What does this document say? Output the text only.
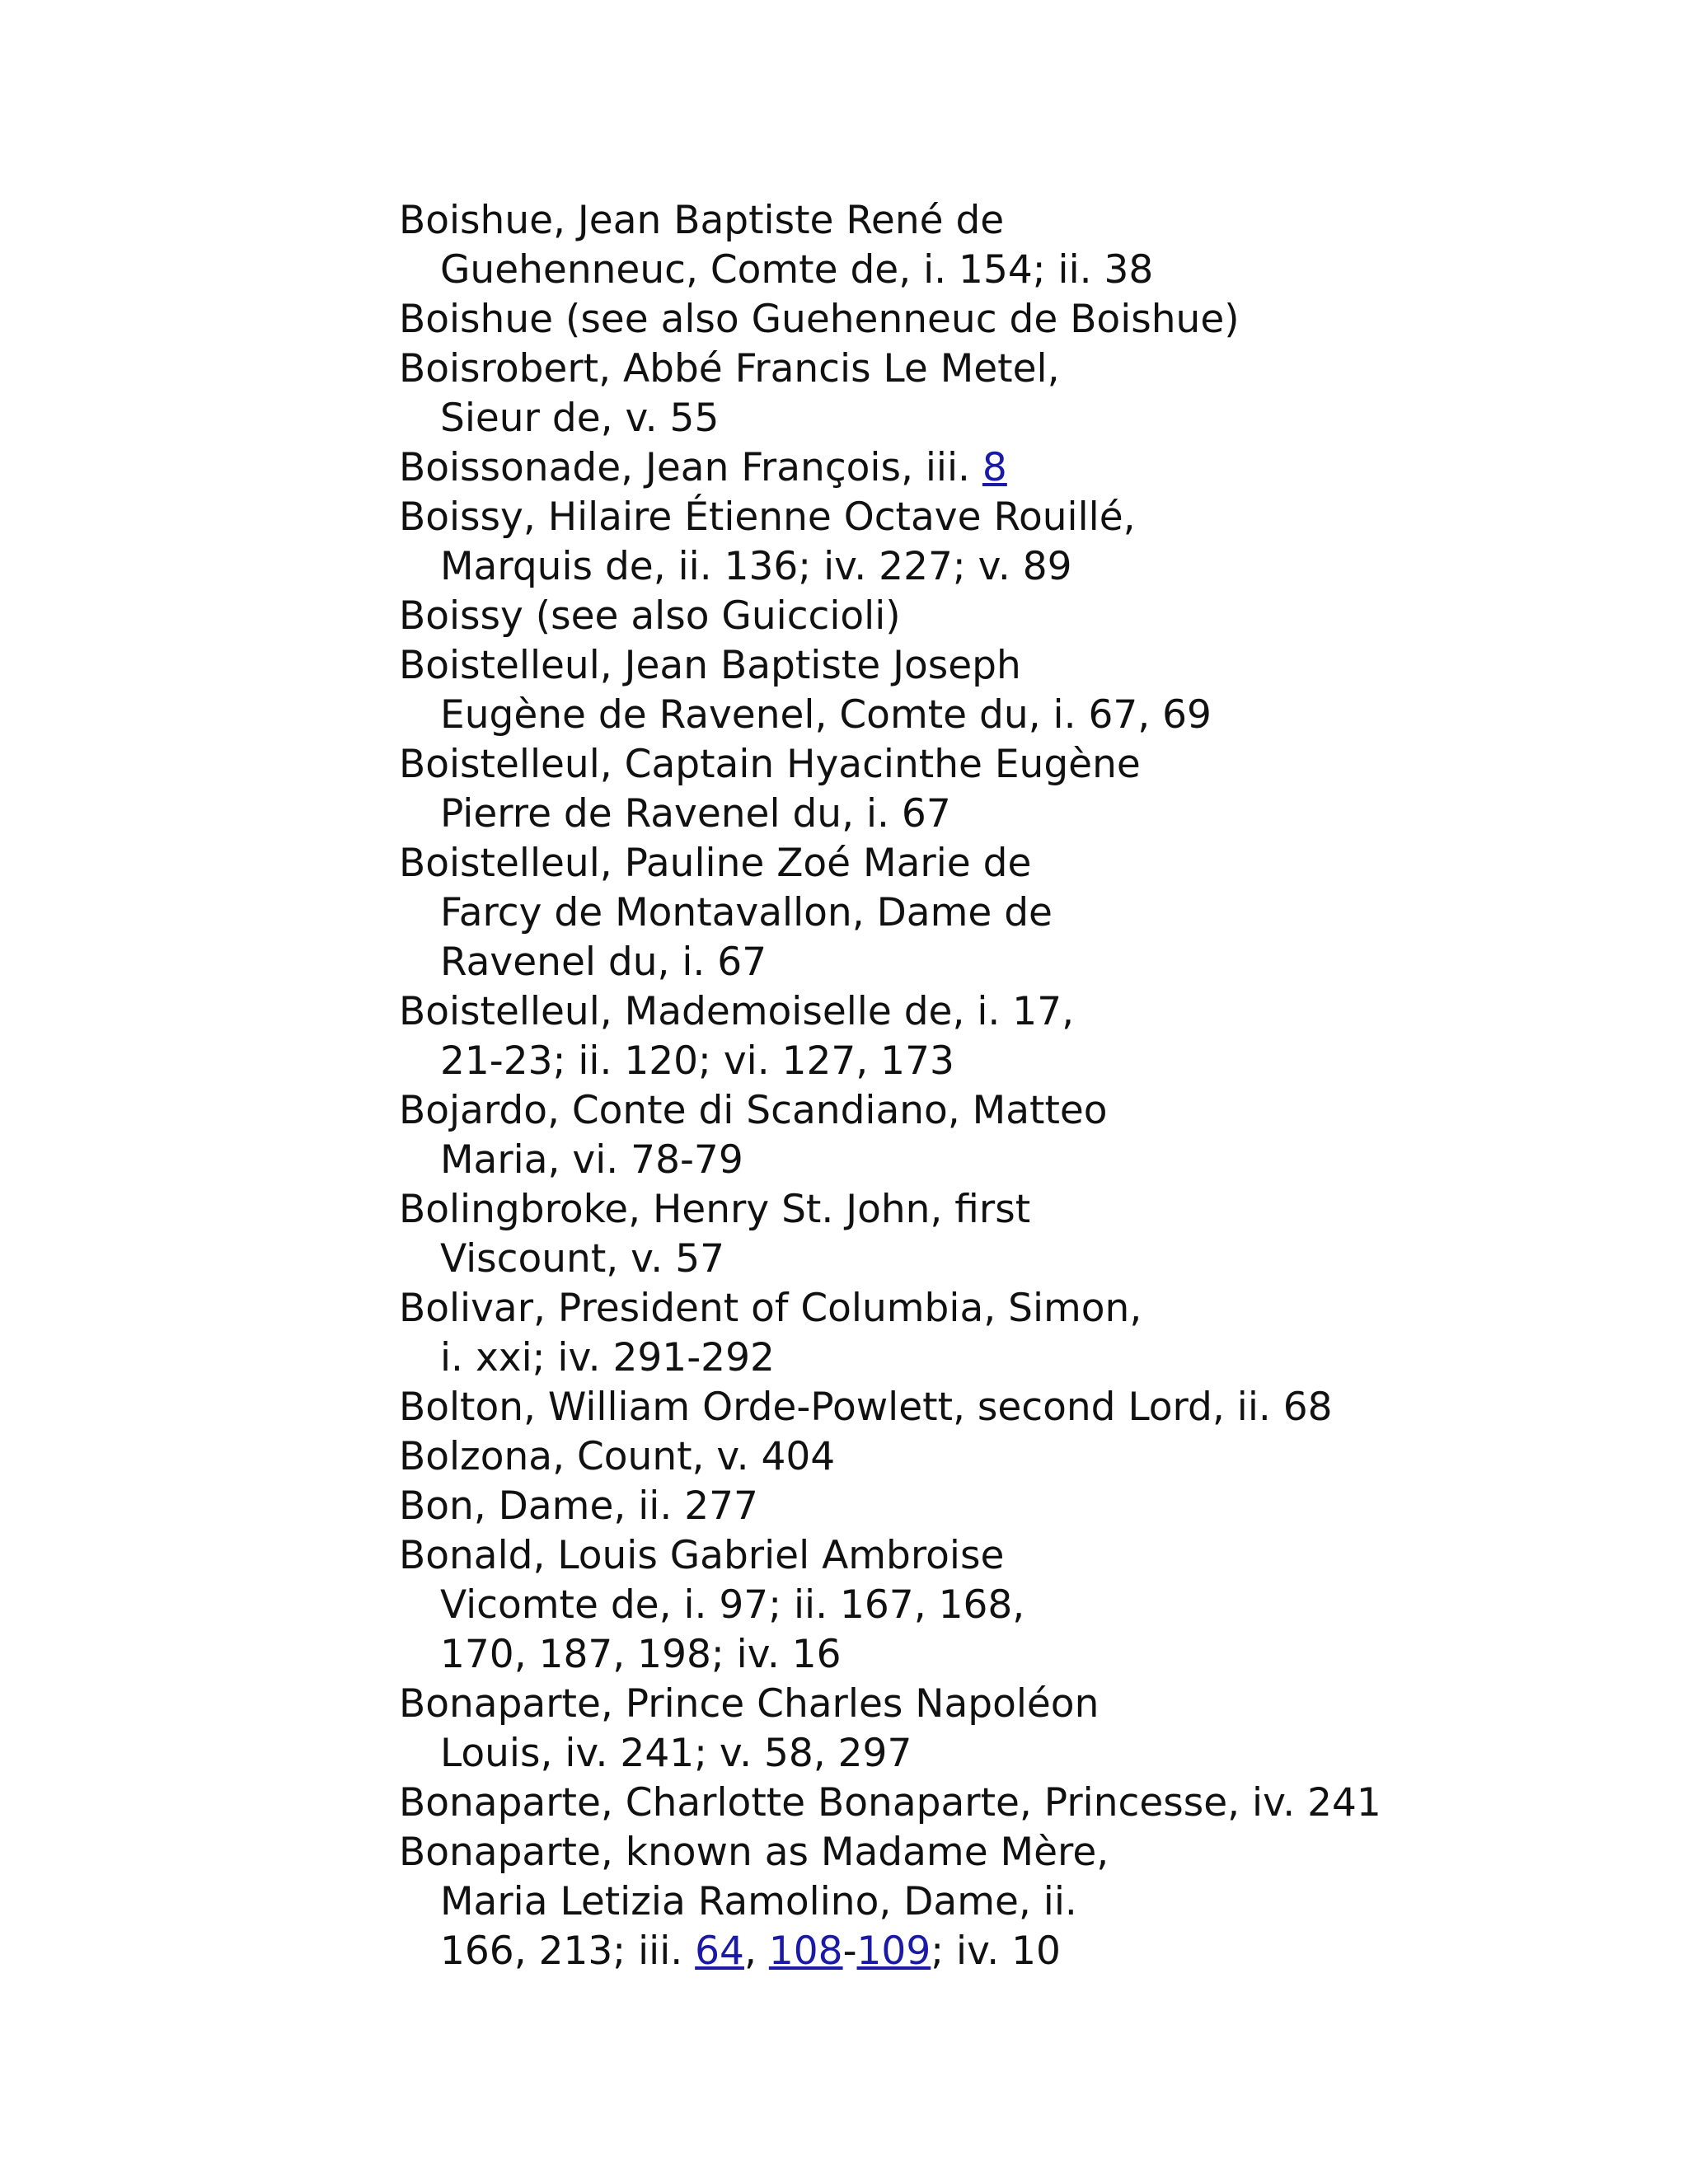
Boishue, Jean Baptiste René de
Guehenneuc, Comte de, i. 154; ii. 38
Boishue (see also Guehenneuc de Boishue)
Boisrobert, Abbé Francis Le Metel,
Sieur de, v. 55
Boissonade, Jean François, iii. 8
Boissy, Hilaire Étienne Octave Rouillé,
Marquis de, ii. 136; iv. 227; v. 89
Boissy (see also Guiccioli)
Boistelleul, Jean Baptiste Joseph
Eugène de Ravenel, Comte du, i. 67, 69
Boistelleul, Captain Hyacinthe Eugène
Pierre de Ravenel du, i. 67
Boistelleul, Pauline Zoé Marie de
Farcy de Montavallon, Dame de
Ravenel du, i. 67
Boistelleul, Mademoiselle de, i. 17,
21-23; ii. 120; vi. 127, 173
Bojardo, Conte di Scandiano, Matteo
Maria, vi. 78-79
Bolingbroke, Henry St. John, first
Viscount, v. 57
Bolivar, President of Columbia, Simon,
i. xxi; iv. 291-292
Bolton, William Orde-Powlett, second Lord, ii. 68
Bolzona, Count, v. 404
Bon, Dame, ii. 277
Bonald, Louis Gabriel Ambroise
Vicomte de, i. 97; ii. 167, 168,
170, 187, 198; iv. 16
Bonaparte, Prince Charles Napoléon
Louis, iv. 241; v. 58, 297
Bonaparte, Charlotte Bonaparte, Princesse, iv. 241
Bonaparte, known as Madame Mère,
Maria Letizia Ramolino, Dame, ii.
166, 213; iii. 64, 108-109; iv. 10
